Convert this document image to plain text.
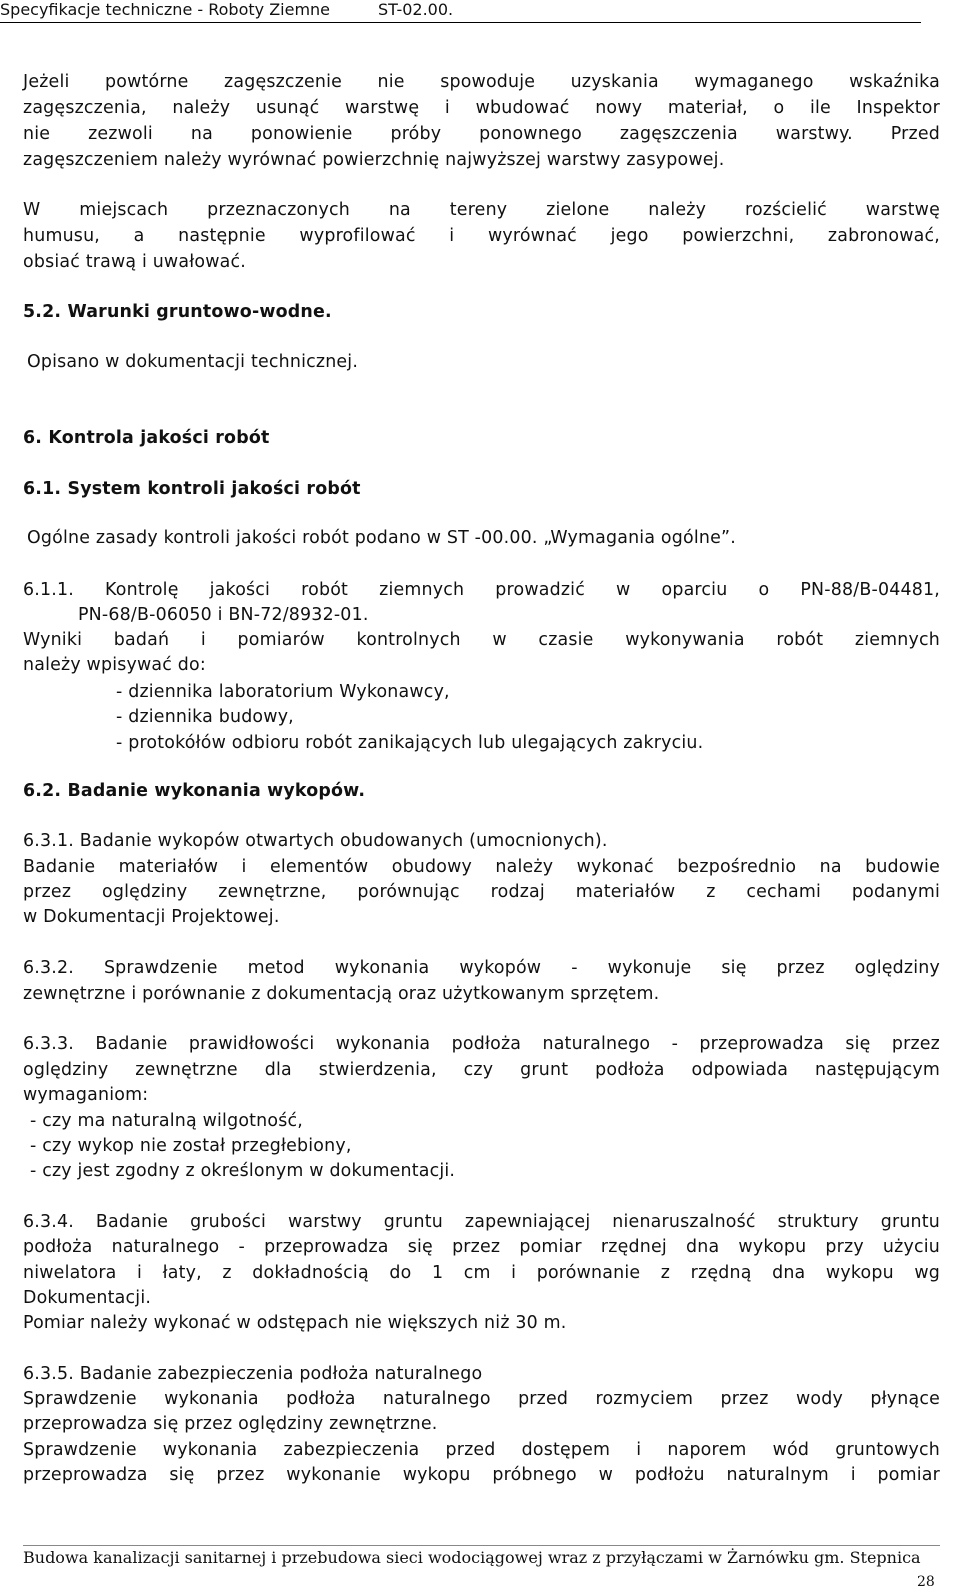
Specyfikacje techniczne - Roboty Ziemne	ST-02.00.
Jeżeli powtórne zagęszczenie nie spowoduje uzyskania wymaganego wskaźnika
zagęszczenia, należy usunąć warstwę i wbudować nowy materiał, o ile Inspektor
nie zezwoli na ponowienie próby ponownego zagęszczenia warstwy. Przed
zagęszczeniem należy wyrównać powierzchnię najwyższej warstwy zasypowej.
W miejscach przeznaczonych na tereny zielone należy rozścielić warstwę
humusu, a następnie wyprofilować i wyrównać jego powierzchni, zabronować,
obsiać trawą i uwałować.
5.2. Warunki gruntowo-wodne.
Opisano w dokumentacji technicznej.
6. Kontrola jakości robót
6.1. System kontroli jakości robót
Ogólne zasady kontroli jakości robót podano w ST -00.00. „Wymagania ogólne”.
6.1.1. Kontrolę jakości robót ziemnych prowadzić w oparciu o PN-88/B-04481,
PN-68/B-06050 i BN-72/8932-01.
Wyniki badań i pomiarów kontrolnych w czasie wykonywania robót ziemnych
należy wpisywać do:
- dziennika laboratorium Wykonawcy,
- dziennika budowy,
- protokółów odbioru robót zanikających lub ulegających zakryciu.
6.2. Badanie wykonania wykopów.
6.3.1. Badanie wykopów otwartych obudowanych (umocnionych).
Badanie materiałów i elementów obudowy należy wykonać bezpośrednio na budowie
przez oględziny zewnętrzne, porównując rodzaj materiałów z cechami podanymi
w Dokumentacji Projektowej.
6.3.2. Sprawdzenie metod wykonania wykopów - wykonuje się przez oględziny
zewnętrzne i porównanie z dokumentacją oraz użytkowanym sprzętem.
6.3.3. Badanie prawidłowości wykonania podłoża naturalnego - przeprowadza się przez
oględziny zewnętrzne dla stwierdzenia, czy grunt podłoża odpowiada następującym
wymaganiom:
- czy ma naturalną wilgotność,
- czy wykop nie został przegłebiony,
- czy jest zgodny z określonym w dokumentacji.
6.3.4. Badanie grubości warstwy gruntu zapewniającej nienaruszalność struktury gruntu
podłoża naturalnego - przeprowadza się przez pomiar rzędnej dna wykopu przy użyciu
niwelatora i łaty, z dokładnością do 1 cm i porównanie z rzędną dna wykopu wg
Dokumentacji.
Pomiar należy wykonać w odstępach nie większych niż 30 m.
6.3.5. Badanie zabezpieczenia podłoża naturalnego
Sprawdzenie wykonania podłoża naturalnego przed rozmyciem przez wody płynące
przeprowadza się przez oględziny zewnętrzne.
Sprawdzenie wykonania zabezpieczenia przed dostępem i naporem wód gruntowych
przeprowadza się przez wykonanie wykopu próbnego w podłożu naturalnym i pomiar
Budowa kanalizacji sanitarnej i przebudowa sieci wodociągowej wraz z przyłączami w Żarnówku gm. Stepnica
28
